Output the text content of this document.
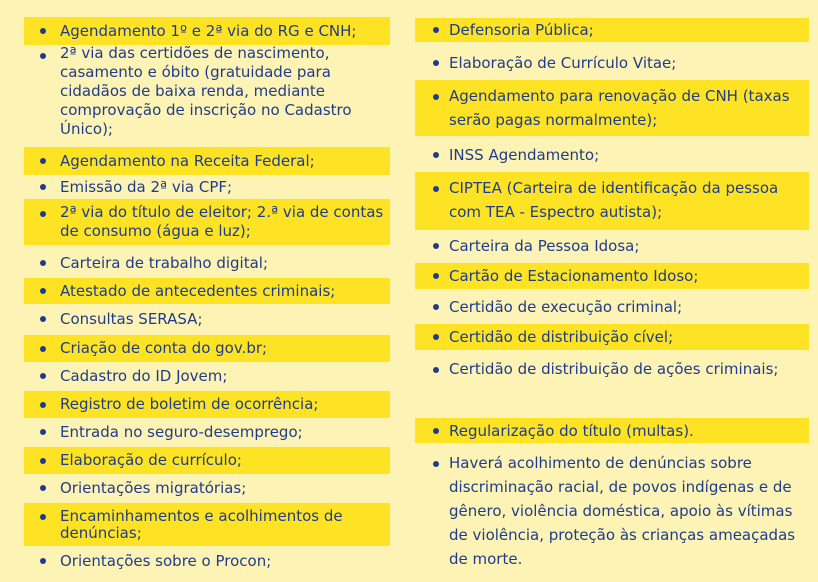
Agendamento 1º e 2ª via do RG e CNH;
2ª via das certidões de nascimento, casamento e óbito (gratuidade para cidadãos de baixa renda, mediante comprovação de inscrição no Cadastro Único);
Agendamento na Receita Federal;
Emissão da 2ª via CPF;
2ª via do título de eleitor; 2.ª via de contas de consumo (água e luz);
Carteira de trabalho digital;
Atestado de antecedentes criminais;
Consultas SERASA;
Criação de conta do gov.br;
Cadastro do ID Jovem;
Registro de boletim de ocorrência;
Entrada no seguro-desemprego;
Elaboração de currículo;
Orientações migratórias;
Encaminhamentos e acolhimentos de denúncias;
Orientações sobre o Procon;
Defensoria Pública;
Elaboração de Currículo Vitae;
Agendamento para renovação de CNH (taxas serão pagas normalmente);
INSS Agendamento;
CIPTEA (Carteira de identificação da pessoa com TEA - Espectro autista);
Carteira da Pessoa Idosa;
Cartão de Estacionamento Idoso;
Certidão de execução criminal;
Certidão de distribuição cível;
Certidão de distribuição de ações criminais;
Regularização do título (multas).
Haverá acolhimento de denúncias sobre discriminação racial, de povos indígenas e de gênero, violência doméstica, apoio às vítimas de violência, proteção às crianças ameaçadas de morte.
